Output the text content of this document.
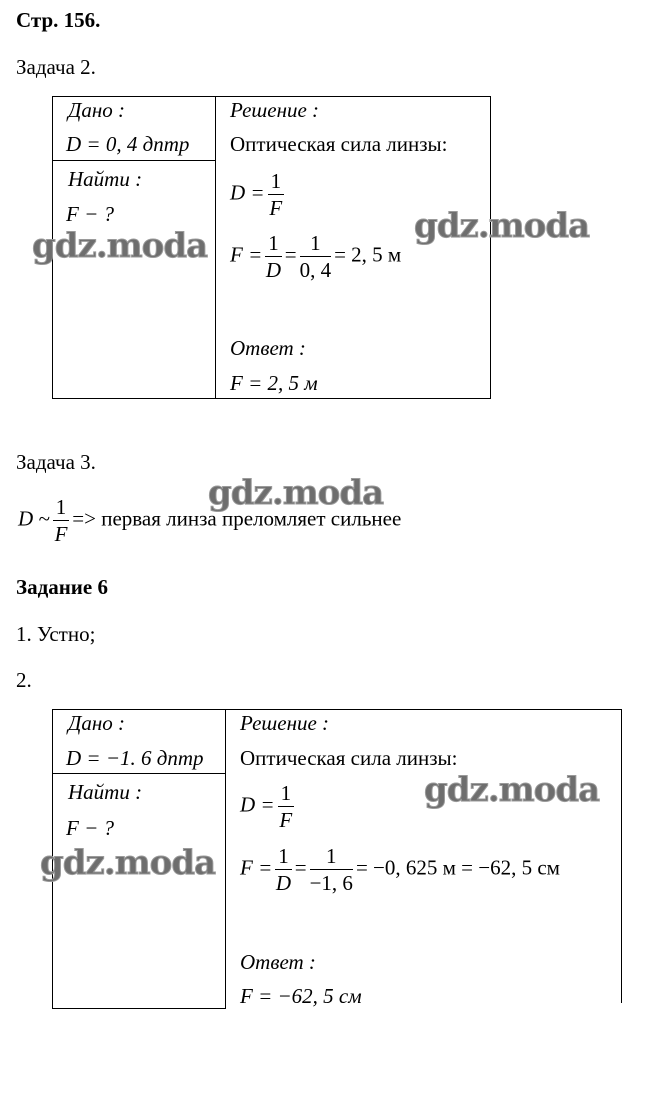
Стр. 156.
Задача 2.
Дано :
D = 0, 4 дптр
Найти :
F − ?
Решение :
Оптическая сила линзы:
$D = \frac{1}{F}$
$F = \frac{1}{D} = \frac{1}{0, 4} = 2$, 5 м
Ответ :
F = 2, 5 м
Задача 3.
D ~ $\frac{1}{F}$ => первая линза преломляет сильнее
Задание 6
1. Устно;
2.
Дано :
D = −1. 6 дптр
Найти :
F − ?
Решение :
Оптическая сила линзы:
$D = \frac{1}{F}$
$F = \frac{1}{D} = \frac{1}{-1, 6} = -0$, 625 м = −62, 5 см
Ответ :
F = −62, 5 см
gdz.moda	gdz.moda
gdz.moda
gdz.moda
gdz.moda
